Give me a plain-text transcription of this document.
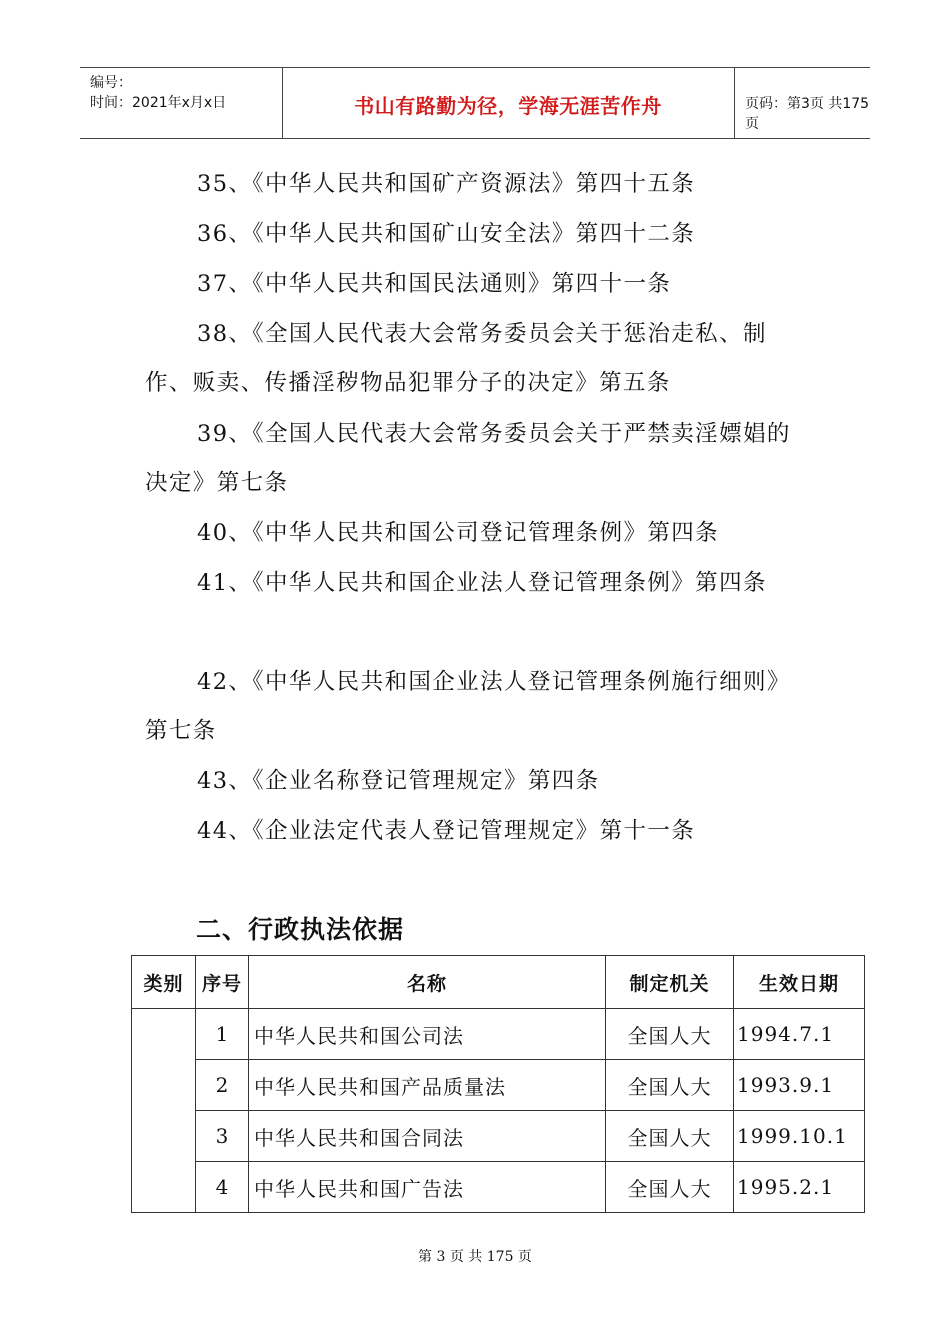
编号：
时间：2021年x月x日	书山有路勤为径，学海无涯苦作舟	页码：第3页 共175页

35、《中华人民共和国矿产资源法》第四十五条

36、《中华人民共和国矿山安全法》第四十二条

37、《中华人民共和国民法通则》第四十一条

38、《全国人民代表大会常务委员会关于惩治走私、制作、贩卖、传播淫秽物品犯罪分子的决定》第五条

39、《全国人民代表大会常务委员会关于严禁卖淫嫖娼的决定》第七条

40、《中华人民共和国公司登记管理条例》第四条

41、《中华人民共和国企业法人登记管理条例》第四条

42、《中华人民共和国企业法人登记管理条例施行细则》第七条

43、《企业名称登记管理规定》第四条

44、《企业法定代表人登记管理规定》第十一条

二、行政执法依据
类别	序号	名称	制定机关	生效日期
	1	中华人民共和国公司法	全国人大	1994.7.1
	2	中华人民共和国产品质量法	全国人大	1993.9.1
	3	中华人民共和国合同法	全国人大	1999.10.1
	4	中华人民共和国广告法	全国人大	1995.2.1
第 3 页 共 175 页
